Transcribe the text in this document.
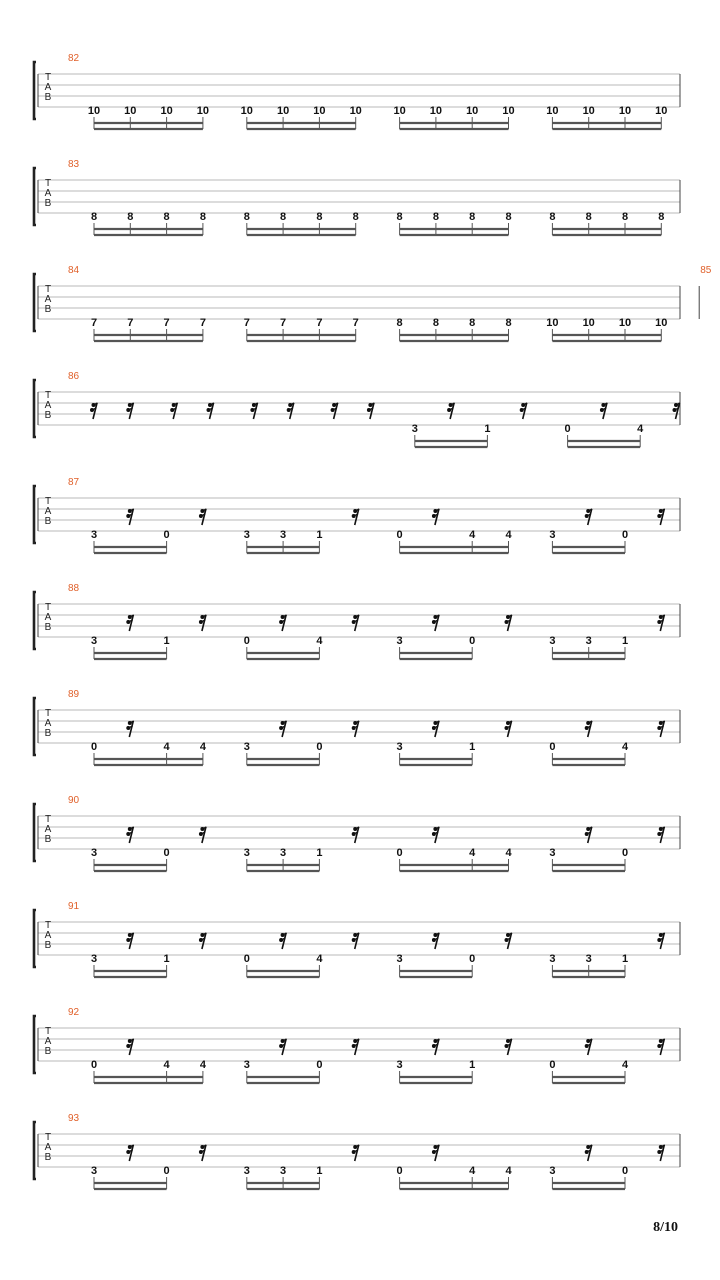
T
A
B
82
10 10 10 10	10 10 10 10	10 10 10 10	10 10 10 10
T
A
B
83
8	8	8	8	8	8	8	8	8	8	8	8	8	8	8	8
T
A
B
84
7	7	7	7	7	7	7	7	8	8	8	8	10 10 10 10
85
T
A
B
86
3	1	0	4
T
A
B
87
3	0	3	3	1	0	4	4	3	0
T
A
B
88
3	1	0	4	3	0	3	3	1
T
A
B
89
0	4	4	3	0	3	1	0	4
T
A
B
90
3	0	3	3	1	0	4	4	3	0
T
A
B
91
3	1	0	4	3	0	3	3	1
T
A
B
92
0	4	4	3	0	3	1	0	4
T
A
B
93
3	0	3	3	1	0	4	4	3	0
8/10
